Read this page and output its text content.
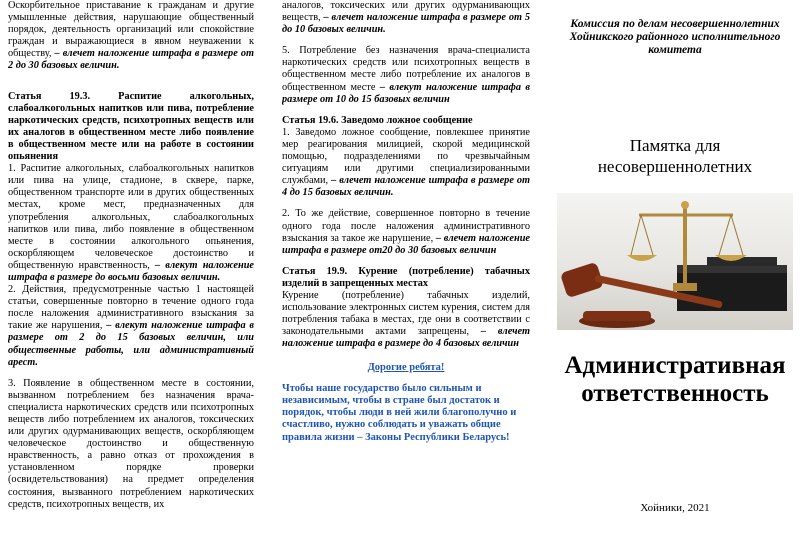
Оскорбительное приставание к гражданам и другие умышленные действия, нарушающие общественный порядок, деятельность организаций или спокойствие граждан и выражающиеся в явном неуважении к обществу, – влечет наложение штрафа в размере от 2 до 30 базовых величин.

Статья 19.3. Распитие алкогольных, слабоалкогольных напитков или пива, потребление наркотических средств, психотропных веществ или их аналогов в общественном месте либо появление в общественном месте или на работе в состоянии опьянения

1. Распитие алкогольных, слабоалкогольных напитков или пива на улице, стадионе, в сквере, парке, общественном транспорте или в других общественных местах, кроме мест, предназначенных для употребления алкогольных, слабоалкогольных напитков или пива, либо появление в общественном месте в состоянии алкогольного опьянения, оскорбляющем человеческое достоинство и общественную нравственность, – влекут наложение штрафа в размере до восьми базовых величин.

2. Действия, предусмотренные частью 1 настоящей статьи, совершенные повторно в течение одного года после наложения административного взыскания за такие же нарушения, – влекут наложение штрафа в размере от 2 до 15 базовых величин, или общественные работы, или административный арест.

3. Появление в общественном месте в состоянии, вызванном потреблением без назначения врача-специалиста наркотических средств или психотропных веществ либо потреблением их аналогов, токсических или других одурманивающих веществ, оскорбляющем человеческое достоинство и общественную нравственность, а равно отказ от прохождения в установленном порядке проверки (освидетельствования) на предмет определения состояния, вызванного потреблением наркотических средств, психотропных веществ, их

аналогов, токсических или других одурманивающих веществ, – влечет наложение штрафа в размере от 5 до 10 базовых величин.

5. Потребление без назначения врача-специалиста наркотических средств или психотропных веществ в общественном месте либо потребление их аналогов в общественном месте – влекут наложение штрафа в размере от 10 до 15 базовых величин

Статья 19.6. Заведомо ложное сообщение

1. Заведомо ложное сообщение, повлекшее принятие мер реагирования милицией, скорой медицинской помощью, подразделениями по чрезвычайным ситуациям или другими специализированными службами, – влечет наложение штрафа в размере от 4 до 15 базовых величин.

2. То же действие, совершенное повторно в течение одного года после наложения административного взыскания за такое же нарушение, – влечет наложение штрафа в размере от20 до 30 базовых величин

Статья 19.9. Курение (потребление) табачных изделий в запрещенных местах

Курение (потребление) табачных изделий, использование электронных систем курения, систем для потребления табака в местах, где они в соответствии с законодательными актами запрещены, – влечет наложение штрафа в размере до 4 базовых величин

Дорогие ребята!

Чтобы наше государство было сильным и независимым, чтобы в стране был достаток и порядок, чтобы люди в ней жили благополучно и счастливо, нужно соблюдать и уважать общие правила жизни – Законы Республики Беларусь!

Комиссия по делам несовершеннолетних Хойникского районного исполнительного комитета

Памятка для несовершеннолетних

Административная ответственность

Хойники, 2021
